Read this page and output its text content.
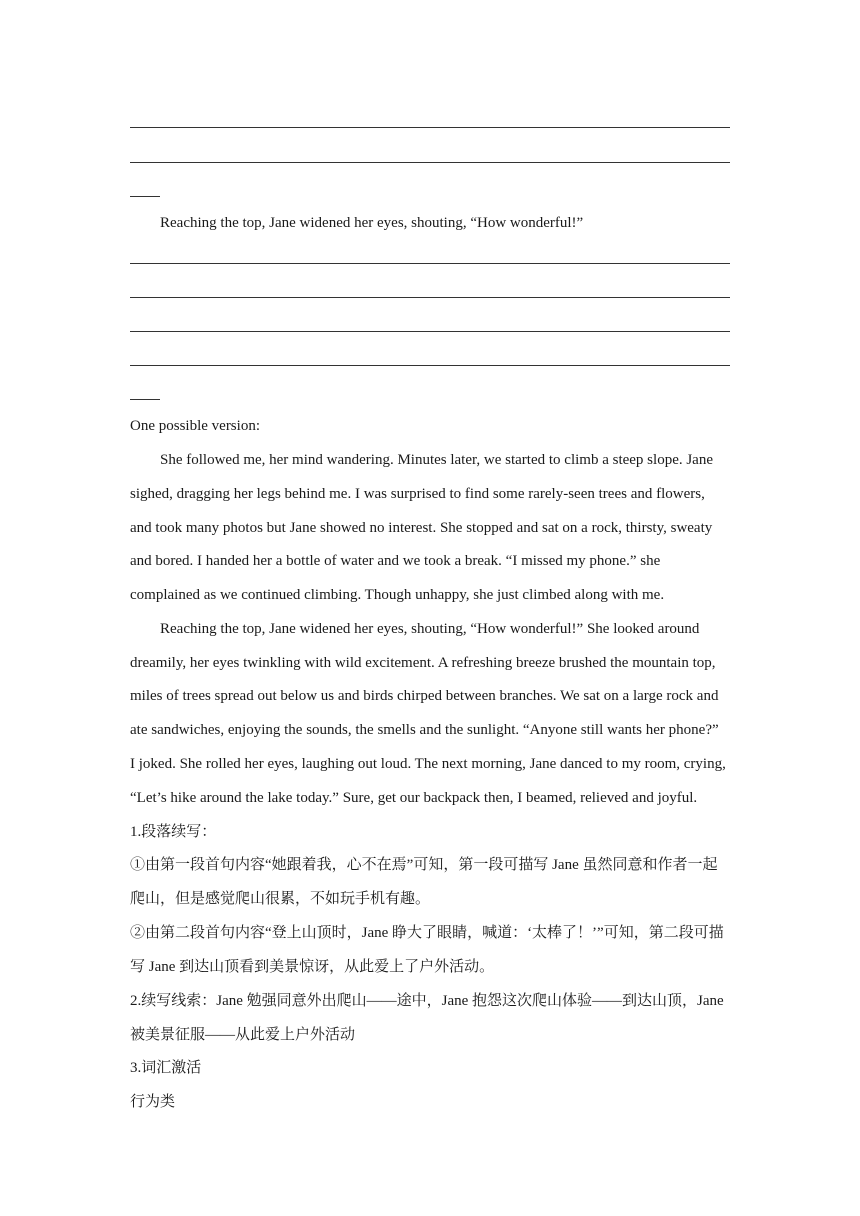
Reaching the top, Jane widened her eyes, shouting, “How wonderful!”
One possible version:
She followed me, her mind wandering. Minutes later, we started to climb a steep slope. Jane
sighed, dragging her legs behind me. I was surprised to find some rarely-seen trees and flowers,
and took many photos but Jane showed no interest. She stopped and sat on a rock, thirsty, sweaty
and bored. I handed her a bottle of water and we took a break. “I missed my phone.” she
complained as we continued climbing. Though unhappy, she just climbed along with me.
Reaching the top, Jane widened her eyes, shouting, “How wonderful!” She looked around
dreamily, her eyes twinkling with wild excitement. A refreshing breeze brushed the mountain top,
miles of trees spread out below us and birds chirped between branches. We sat on a large rock and
ate sandwiches, enjoying the sounds, the smells and the sunlight. “Anyone still wants her phone?”
I joked. She rolled her eyes, laughing out loud. The next morning, Jane danced to my room, crying,
“Let’s hike around the lake today.” Sure, get our backpack then, I beamed, relieved and joyful.
1.段落续写：
①由第一段首句内容“她跟着我，心不在焉”可知，第一段可描写 Jane 虽然同意和作者一起
爬山，但是感觉爬山很累，不如玩手机有趣。
②由第二段首句内容“登上山顶时，Jane 睁大了眼睛，喊道：‘太棒了！’”可知，第二段可描
写 Jane 到达山顶看到美景惊讶，从此爱上了户外活动。
2.续写线索：Jane 勉强同意外出爬山——途中，Jane 抱怨这次爬山体验——到达山顶，Jane
被美景征服——从此爱上户外活动
3.词汇激活
行为类
